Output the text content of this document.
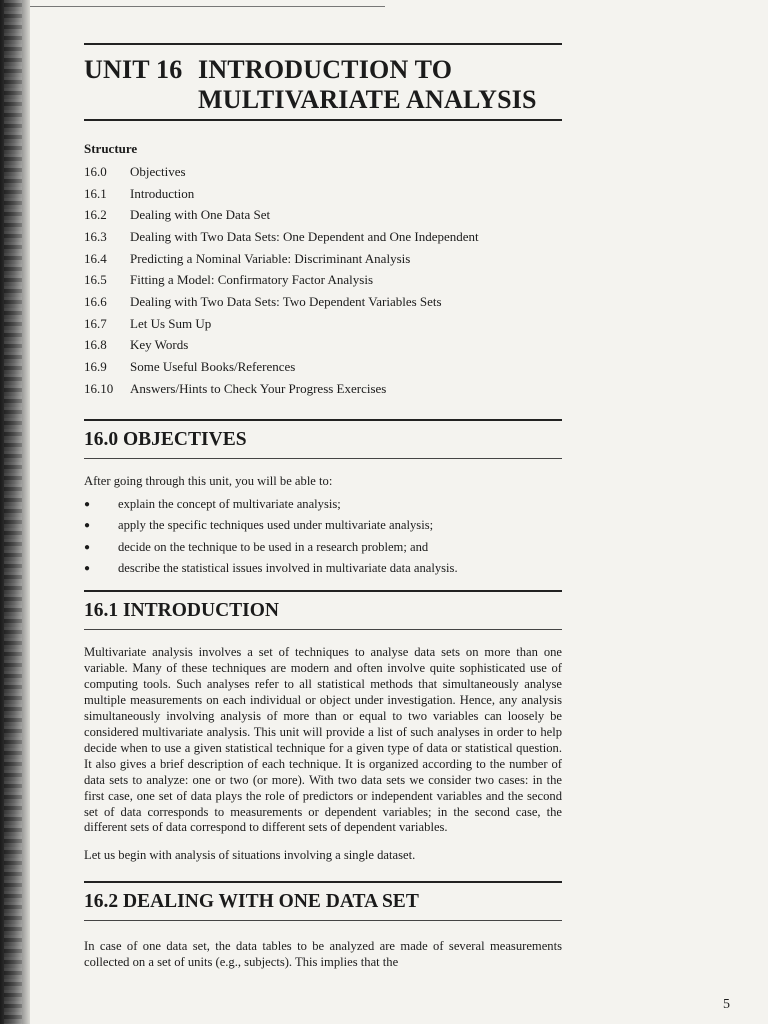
UNIT 16 INTRODUCTION TO
MULTIVARIATE ANALYSIS
Structure
16.0	Objectives
16.1	Introduction
16.2	Dealing with One Data Set
16.3	Dealing with Two Data Sets: One Dependent and One Independent
16.4	Predicting a Nominal Variable: Discriminant Analysis
16.5	Fitting a Model: Confirmatory Factor Analysis
16.6	Dealing with Two Data Sets: Two Dependent Variables Sets
16.7	Let Us Sum Up
16.8	Key Words
16.9	Some Useful Books/References
16.10	Answers/Hints to Check Your Progress Exercises
16.0 OBJECTIVES

After going through this unit, you will be able to:

●	explain the concept of multivariate analysis;
●	apply the specific techniques used under multivariate analysis;
●	decide on the technique to be used in a research problem; and
●	describe the statistical issues involved in multivariate data analysis.
16.1 INTRODUCTION

Multivariate analysis involves a set of techniques to analyse data sets on more than one variable. Many of these techniques are modern and often involve quite sophisticated use of computing tools. Such analyses refer to all statistical methods that simultaneously analyse multiple measurements on each individual or object under investigation. Hence, any analysis simultaneously involving analysis of more than or equal to two variables can loosely be considered multivariate analysis. This unit will provide a list of such analyses in order to help decide when to use a given statistical technique for a given type of data or statistical question. It also gives a brief description of each technique. It is organized according to the number of data sets to analyze: one or two (or more). With two data sets we consider two cases: in the first case, one set of data plays the role of predictors or independent variables and the second set of data corresponds to measurements or dependent variables; in the second case, the different sets of data correspond to different sets of dependent variables.

Let us begin with analysis of situations involving a single dataset.

16.2 DEALING WITH ONE DATA SET

In case of one data set, the data tables to be analyzed are made of several measurements collected on a set of units (e.g., subjects). This implies that the

5
